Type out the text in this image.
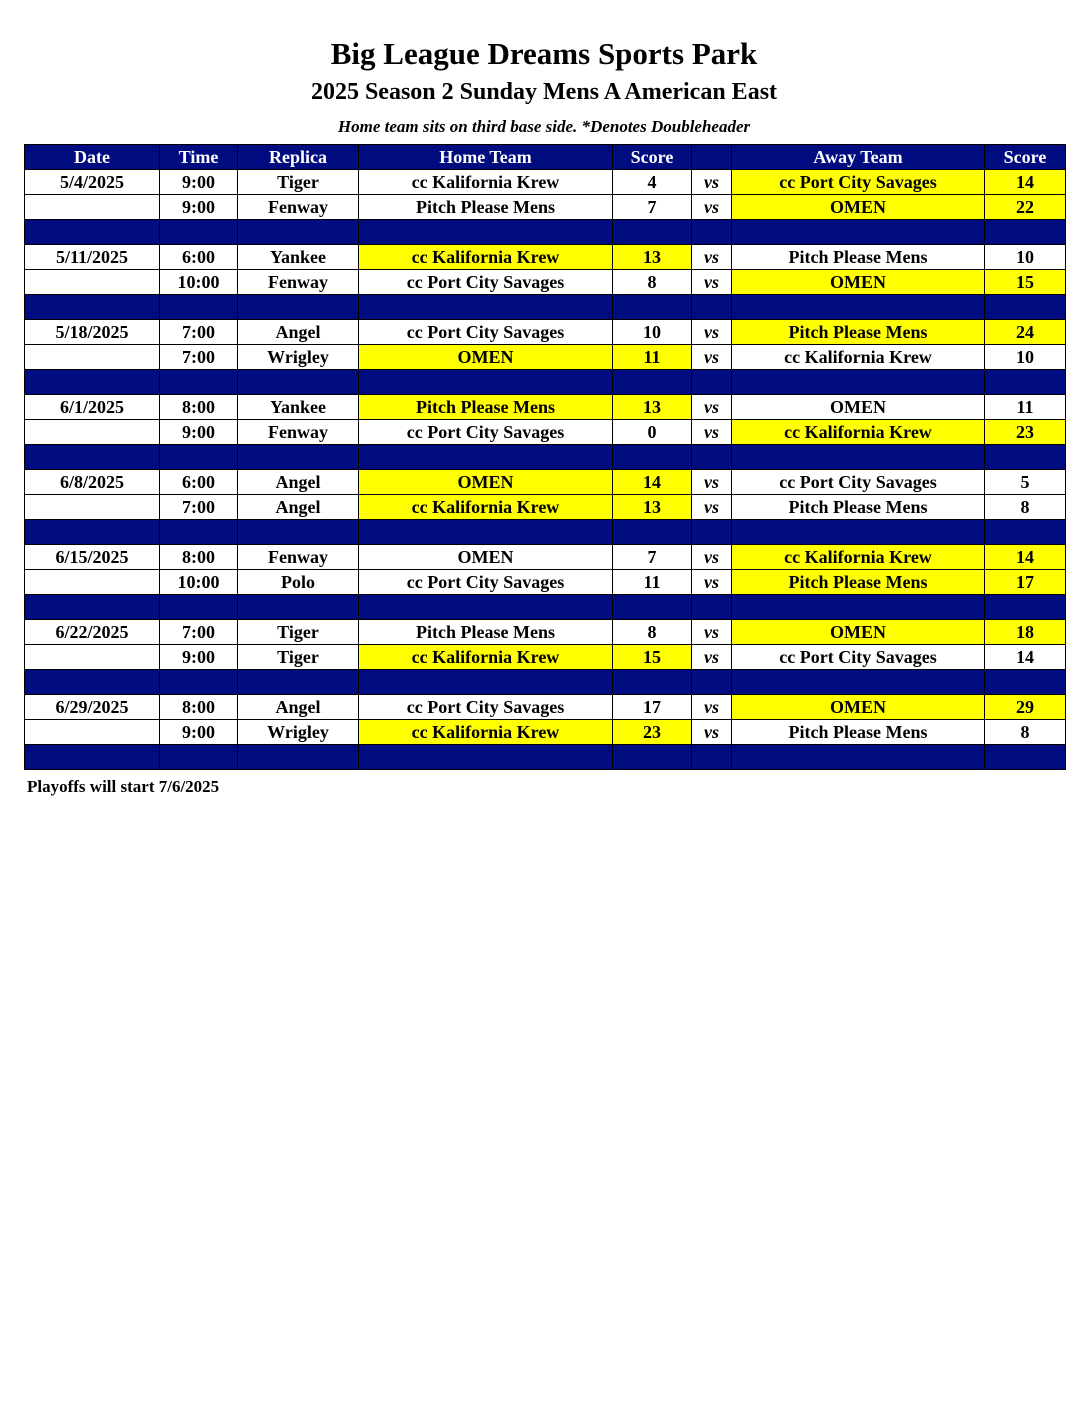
Big League Dreams Sports Park
2025 Season 2 Sunday Mens A American East
Home team sits on third base side. *Denotes Doubleheader
Date	Time	Replica	Home Team	Score		Away Team	Score
5/4/2025	9:00	Tiger	cc Kalifornia Krew	4	vs	cc Port City Savages	14
	9:00	Fenway	Pitch Please Mens	7	vs	OMEN	22

5/11/2025	6:00	Yankee	cc Kalifornia Krew	13	vs	Pitch Please Mens	10
	10:00	Fenway	cc Port City Savages	8	vs	OMEN	15

5/18/2025	7:00	Angel	cc Port City Savages	10	vs	Pitch Please Mens	24
	7:00	Wrigley	OMEN	11	vs	cc Kalifornia Krew	10

6/1/2025	8:00	Yankee	Pitch Please Mens	13	vs	OMEN	11
	9:00	Fenway	cc Port City Savages	0	vs	cc Kalifornia Krew	23

6/8/2025	6:00	Angel	OMEN	14	vs	cc Port City Savages	5
	7:00	Angel	cc Kalifornia Krew	13	vs	Pitch Please Mens	8

6/15/2025	8:00	Fenway	OMEN	7	vs	cc Kalifornia Krew	14
	10:00	Polo	cc Port City Savages	11	vs	Pitch Please Mens	17

6/22/2025	7:00	Tiger	Pitch Please Mens	8	vs	OMEN	18
	9:00	Tiger	cc Kalifornia Krew	15	vs	cc Port City Savages	14

6/29/2025	8:00	Angel	cc Port City Savages	17	vs	OMEN	29
	9:00	Wrigley	cc Kalifornia Krew	23	vs	Pitch Please Mens	8

Playoffs will start 7/6/2025
